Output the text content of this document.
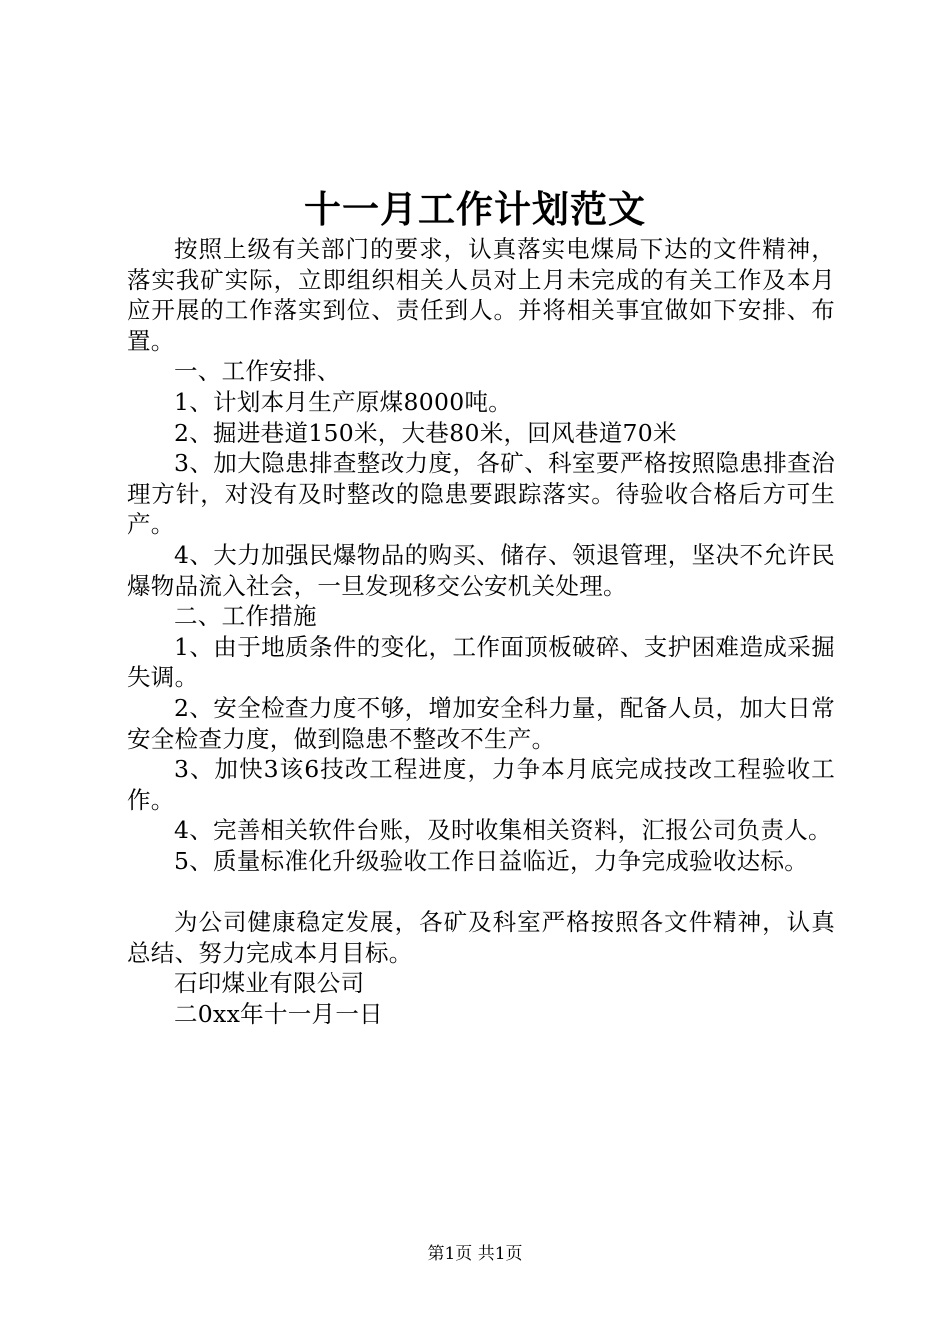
十一月工作计划范文

按照上级有关部门的要求，认真落实电煤局下达的文件精神，落实我矿实际，立即组织相关人员对上月未完成的有关工作及本月应开展的工作落实到位、责任到人。并将相关事宜做如下安排、布置。

一、工作安排、

1、计划本月生产原煤8000吨。

2、掘进巷道150米，大巷80米，回风巷道70米

3、加大隐患排查整改力度，各矿、科室要严格按照隐患排查治理方针，对没有及时整改的隐患要跟踪落实。待验收合格后方可生产。

4、大力加强民爆物品的购买、储存、领退管理，坚决不允许民爆物品流入社会，一旦发现移交公安机关处理。

二、工作措施

1、由于地质条件的变化，工作面顶板破碎、支护困难造成采掘失调。

2、安全检查力度不够，增加安全科力量，配备人员，加大日常安全检查力度，做到隐患不整改不生产。

3、加快3该6技改工程进度，力争本月底完成技改工程验收工作。

4、完善相关软件台账，及时收集相关资料，汇报公司负责人。

5、质量标准化升级验收工作日益临近，力争完成验收达标。

为公司健康稳定发展，各矿及科室严格按照各文件精神，认真总结、努力完成本月目标。

石印煤业有限公司

二0xx年十一月一日

第1页 共1页
